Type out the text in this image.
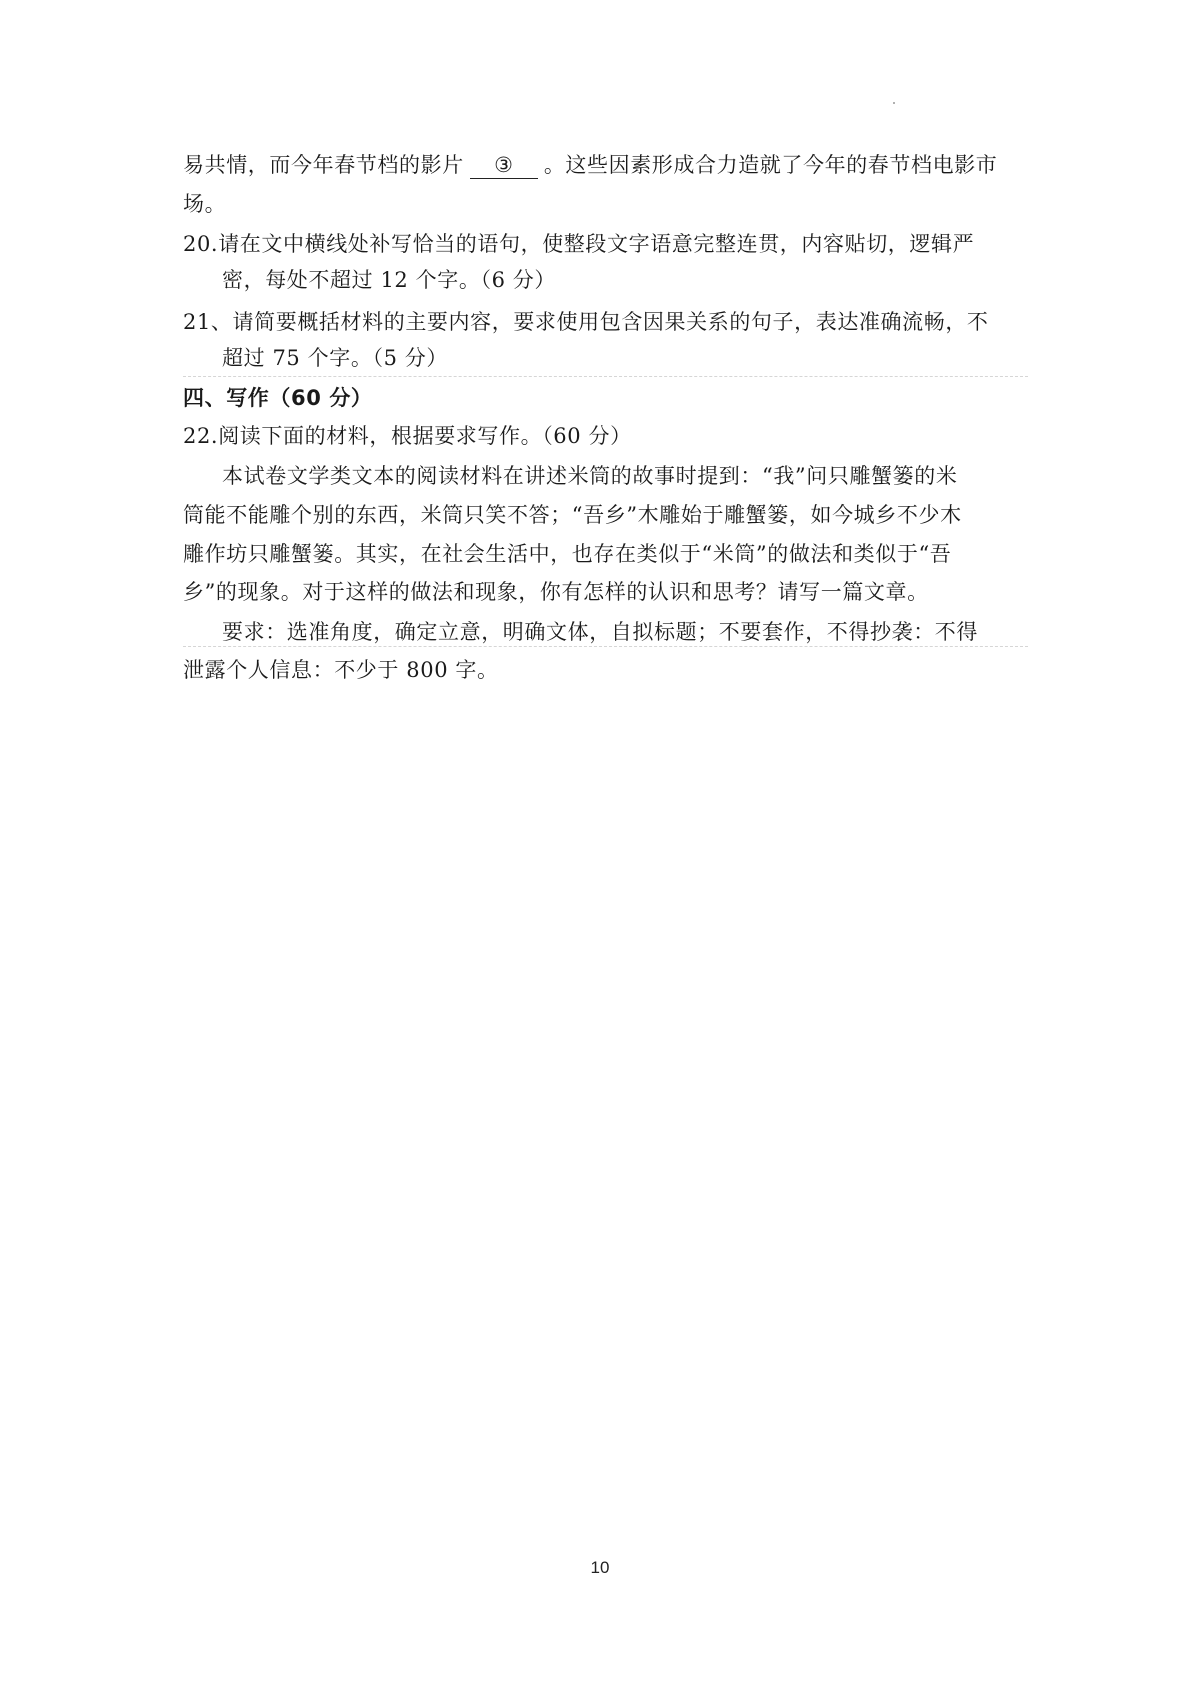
易共情，而今年春节档的影片 ③ 。这些因素形成合力造就了今年的春节档电影市
场。
20.请在文中横线处补写恰当的语句，使整段文字语意完整连贯，内容贴切，逻辑严
密，每处不超过 12 个字。（6 分）
21、请简要概括材料的主要内容，要求使用包含因果关系的句子，表达准确流畅，不
超过 75 个字。（5 分）
四、写作（60 分）
22.阅读下面的材料，根据要求写作。（60 分）
本试卷文学类文本的阅读材料在讲述米筒的故事时提到：“我”问只雕蟹篓的米
筒能不能雕个别的东西，米筒只笑不答；“吾乡”木雕始于雕蟹篓，如今城乡不少木
雕作坊只雕蟹篓。其实，在社会生活中，也存在类似于“米筒”的做法和类似于“吾
乡”的现象。对于这样的做法和现象，你有怎样的认识和思考？请写一篇文章。
要求：选准角度，确定立意，明确文体，自拟标题；不要套作，不得抄袭：不得
泄露个人信息：不少于 800 字。
10
